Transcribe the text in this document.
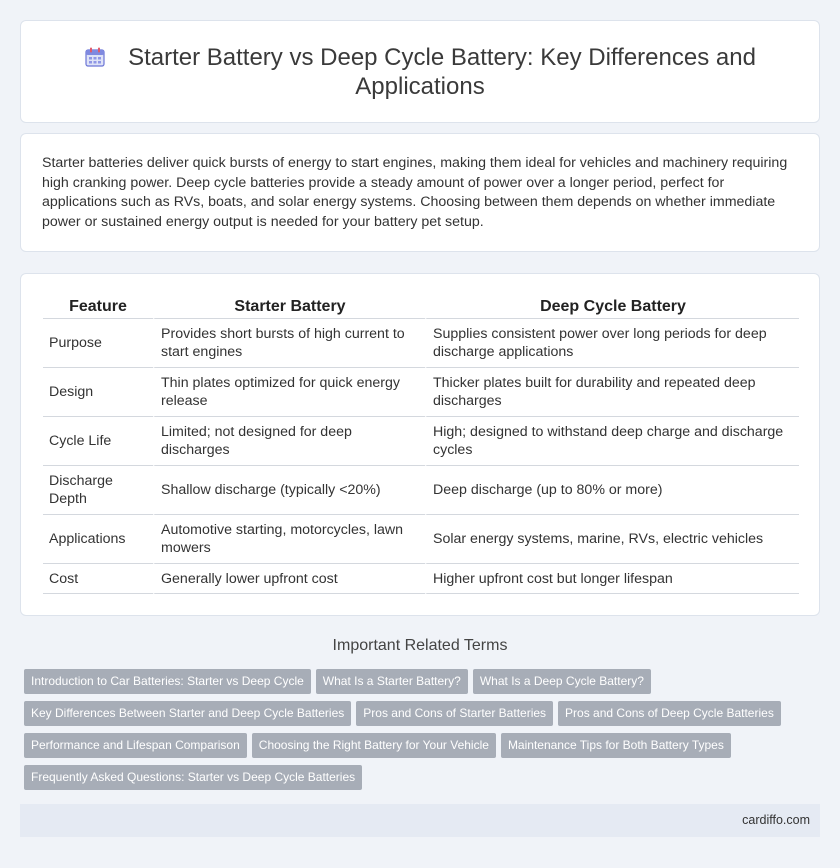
Starter Battery vs Deep Cycle Battery: Key Differences and Applications

Starter batteries deliver quick bursts of energy to start engines, making them ideal for vehicles and machinery requiring high cranking power. Deep cycle batteries provide a steady amount of power over a longer period, perfect for applications such as RVs, boats, and solar energy systems. Choosing between them depends on whether immediate power or sustained energy output is needed for your battery pet setup.

Feature	Starter Battery	Deep Cycle Battery
Purpose	Provides short bursts of high current to start engines	Supplies consistent power over long periods for deep discharge applications
Design	Thin plates optimized for quick energy release	Thicker plates built for durability and repeated deep discharges
Cycle Life	Limited; not designed for deep discharges	High; designed to withstand deep charge and discharge cycles
Discharge Depth	Shallow discharge (typically <20%)	Deep discharge (up to 80% or more)
Applications	Automotive starting, motorcycles, lawn mowers	Solar energy systems, marine, RVs, electric vehicles
Cost	Generally lower upfront cost	Higher upfront cost but longer lifespan
Important Related Terms
Introduction to Car Batteries: Starter vs Deep Cycle What Is a Starter Battery? What Is a Deep Cycle Battery?
Key Differences Between Starter and Deep Cycle Batteries Pros and Cons of Starter Batteries Pros and Cons of Deep Cycle Batteries
Performance and Lifespan Comparison Choosing the Right Battery for Your Vehicle Maintenance Tips for Both Battery Types
Frequently Asked Questions: Starter vs Deep Cycle Batteries
cardiffo.com
